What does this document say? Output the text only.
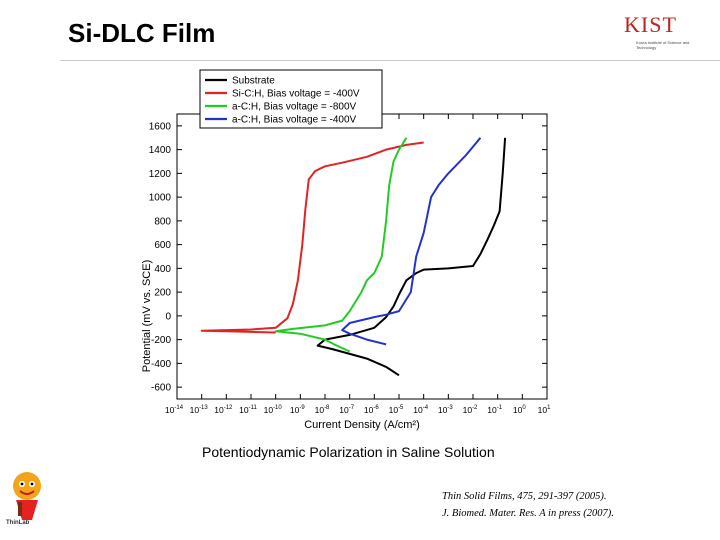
Si-DLC Film	KIST
Korea Institute of Science and Technology
1600
1400
1200
1000
800
600
400
200
0
-200
-400
-600
$10^{-14}$ $10^{-13}$ $10^{-12}$ $10^{-11}$ $10^{-10}$ $10^{-9}$ $10^{-8}$ $10^{-7}$ $10^{-6}$ $10^{-5}$ $10^{-4}$ $10^{-3}$ $10^{-2}$ $10^{-1}$ $10^0$ $10^1$
Substrate
Si-C:H, Bias voltage = -400V
a-C:H, Bias voltage = -800V
a-C:H, Bias voltage = -400V
Current Density (A/cm²)
Potential (mV vs. SCE)
Potentiodynamic Polarization in Saline Solution
Thin Solid Films, 475, 291-397 (2005).
J. Biomed. Mater. Res. A in press (2007).
ThinLab
